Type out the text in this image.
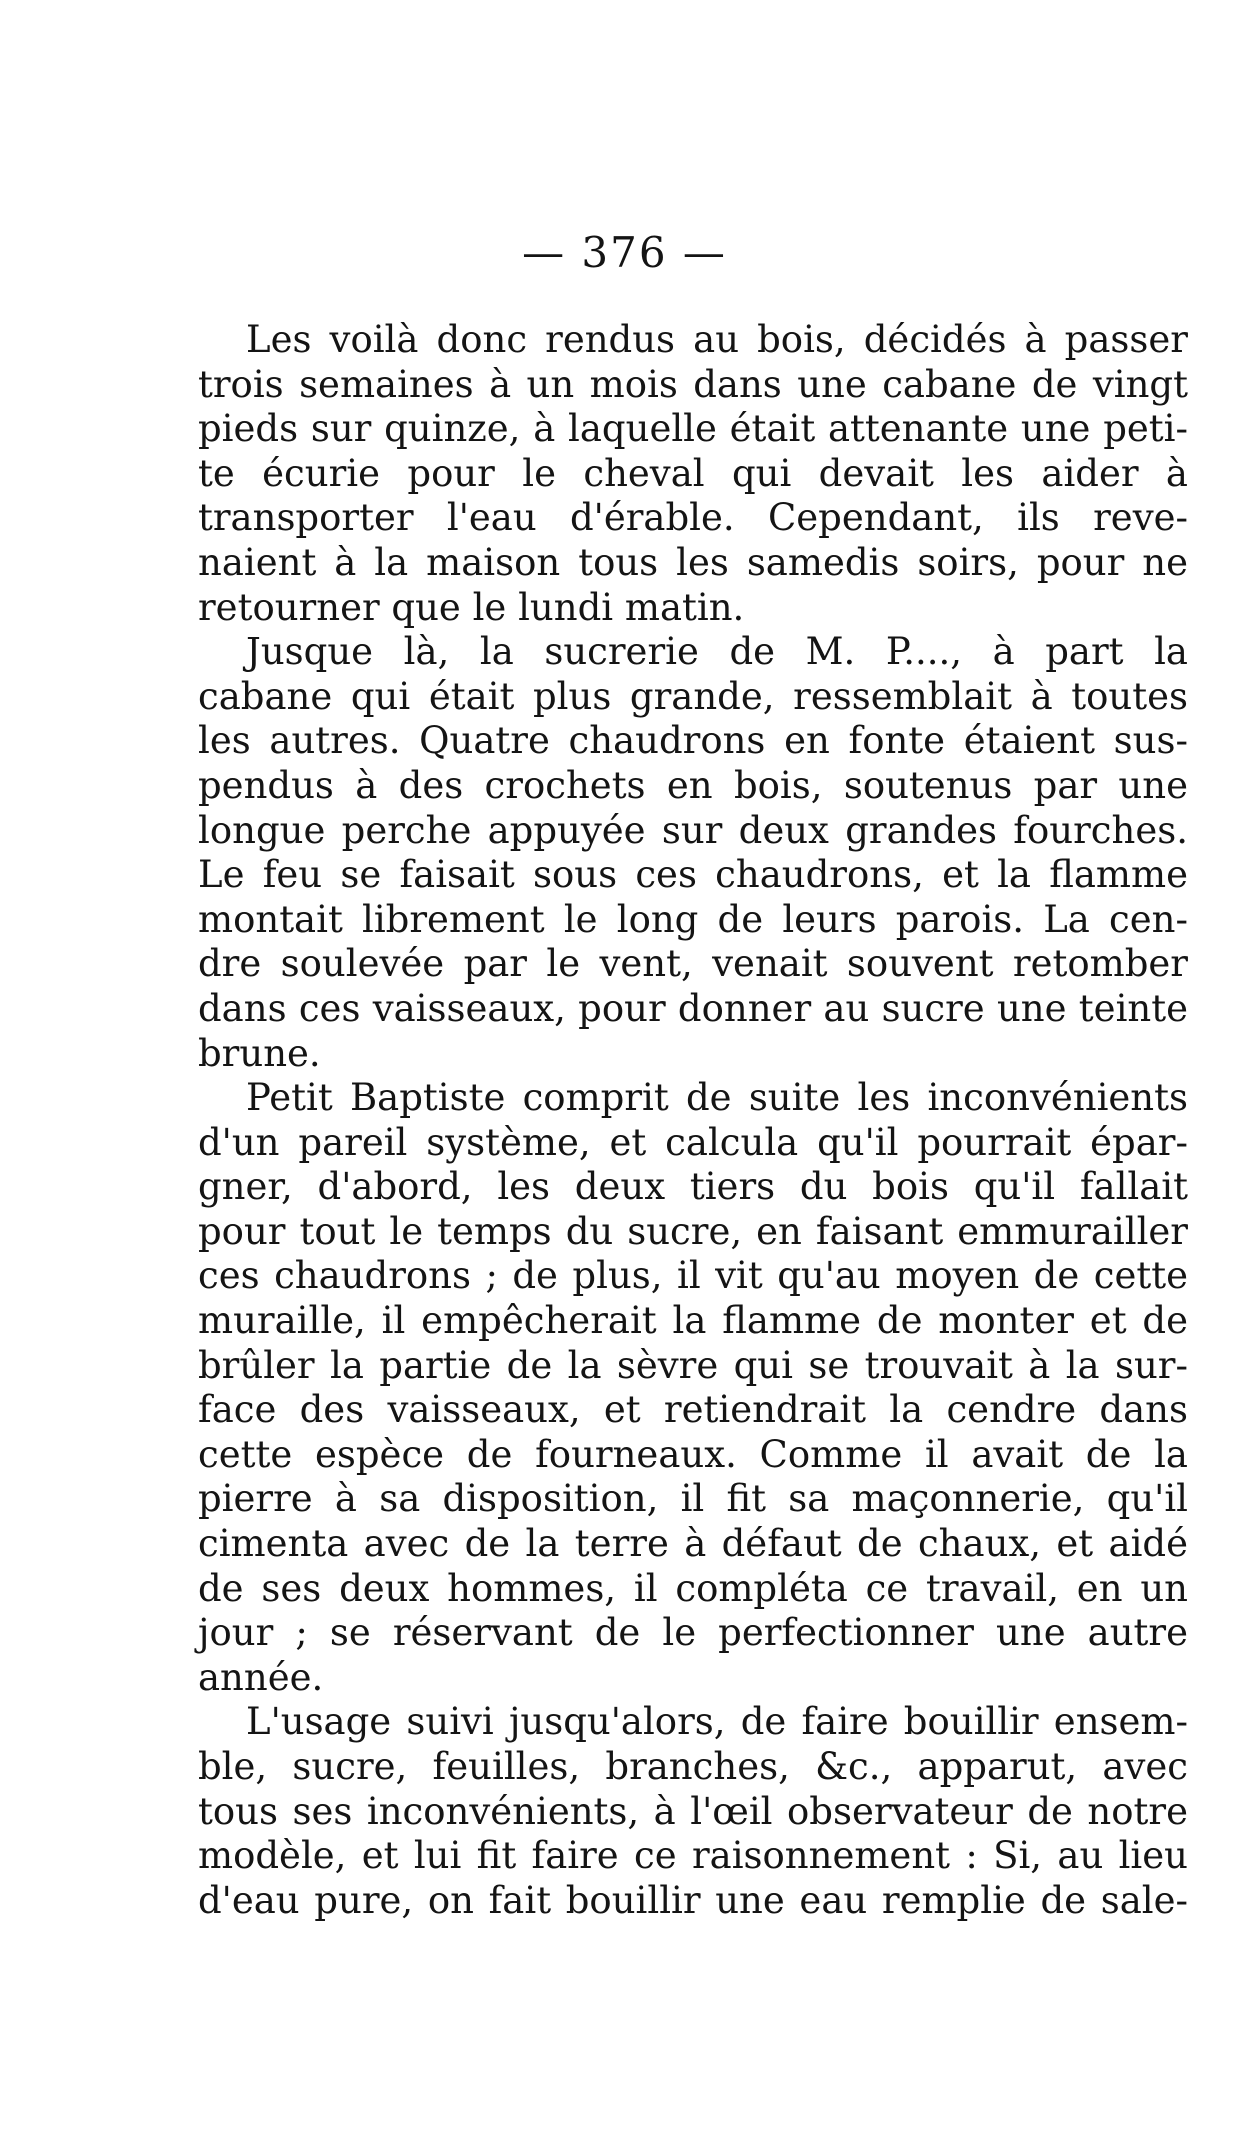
— 376 —
Les voilà donc rendus au bois, décidés à passer
trois semaines à un mois dans une cabane de vingt
pieds sur quinze, à laquelle était attenante une peti-
te écurie pour le cheval qui devait les aider à
transporter l'eau d'érable. Cependant, ils reve-
naient à la maison tous les samedis soirs, pour ne
retourner que le lundi matin.
Jusque là, la sucrerie de M. P...., à part la
cabane qui était plus grande, ressemblait à toutes
les autres. Quatre chaudrons en fonte étaient sus-
pendus à des crochets en bois, soutenus par une
longue perche appuyée sur deux grandes fourches.
Le feu se faisait sous ces chaudrons, et la flamme
montait librement le long de leurs parois. La cen-
dre soulevée par le vent, venait souvent retomber
dans ces vaisseaux, pour donner au sucre une teinte
brune.
Petit Baptiste comprit de suite les inconvénients
d'un pareil système, et calcula qu'il pourrait épar-
gner, d'abord, les deux tiers du bois qu'il fallait
pour tout le temps du sucre, en faisant emmurailler
ces chaudrons ; de plus, il vit qu'au moyen de cette
muraille, il empêcherait la flamme de monter et de
brûler la partie de la sèvre qui se trouvait à la sur-
face des vaisseaux, et retiendrait la cendre dans
cette espèce de fourneaux. Comme il avait de la
pierre à sa disposition, il fit sa maçonnerie, qu'il
cimenta avec de la terre à défaut de chaux, et aidé
de ses deux hommes, il compléta ce travail, en un
jour ; se réservant de le perfectionner une autre
année.
L'usage suivi jusqu'alors, de faire bouillir ensem-
ble, sucre, feuilles, branches, &c., apparut, avec
tous ses inconvénients, à l'œil observateur de notre
modèle, et lui fit faire ce raisonnement : Si, au lieu
d'eau pure, on fait bouillir une eau remplie de sale-
